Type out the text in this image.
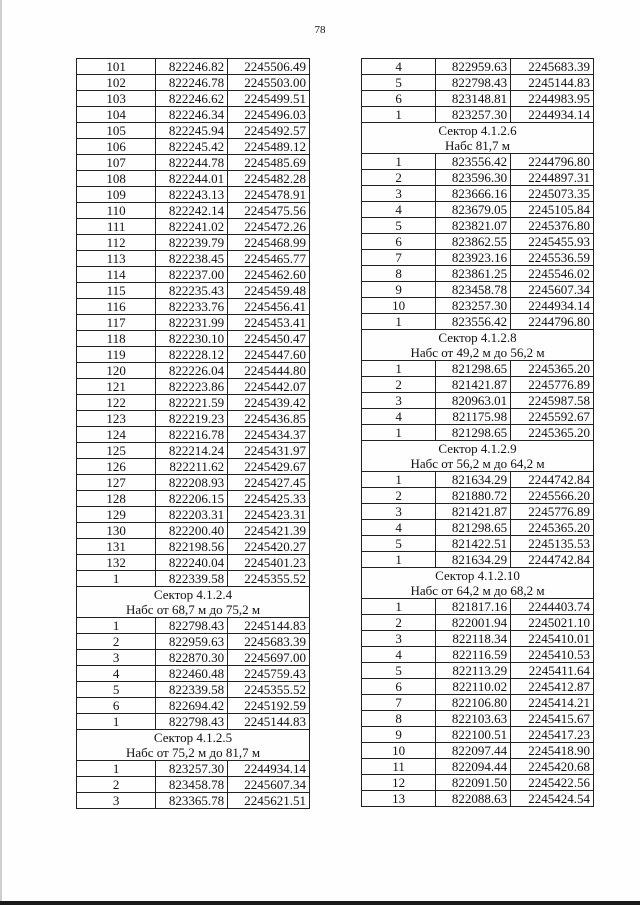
78
101	822246.82	2245506.49
102	822246.78	2245503.00
103	822246.62	2245499.51
104	822246.34	2245496.03
105	822245.94	2245492.57
106	822245.42	2245489.12
107	822244.78	2245485.69
108	822244.01	2245482.28
109	822243.13	2245478.91
110	822242.14	2245475.56
111	822241.02	2245472.26
112	822239.79	2245468.99
113	822238.45	2245465.77
114	822237.00	2245462.60
115	822235.43	2245459.48
116	822233.76	2245456.41
117	822231.99	2245453.41
118	822230.10	2245450.47
119	822228.12	2245447.60
120	822226.04	2245444.80
121	822223.86	2245442.07
122	822221.59	2245439.42
123	822219.23	2245436.85
124	822216.78	2245434.37
125	822214.24	2245431.97
126	822211.62	2245429.67
127	822208.93	2245427.45
128	822206.15	2245425.33
129	822203.31	2245423.31
130	822200.40	2245421.39
131	822198.56	2245420.27
132	822240.04	2245401.23
1	822339.58	2245355.52
Сектор 4.1.2.4		
Набс от 68,7 м до 75,2 м		
1	822798.43	2245144.83
2	822959.63	2245683.39
3	822870.30	2245697.00
4	822460.48	2245759.43
5	822339.58	2245355.52
6	822694.42	2245192.59
1	822798.43	2245144.83
Сектор 4.1.2.5		
Набс от 75,2 м до 81,7 м		
1	823257.30	2244934.14
2	823458.78	2245607.34
3	823365.78	2245621.51
4	822959.63	2245683.39
5	822798.43	2245144.83
6	823148.81	2244983.95
1	823257.30	2244934.14
Сектор 4.1.2.6		
Набс 81,7 м		
1	823556.42	2244796.80
2	823596.30	2244897.31
3	823666.16	2245073.35
4	823679.05	2245105.84
5	823821.07	2245376.80
6	823862.55	2245455.93
7	823923.16	2245536.59
8	823861.25	2245546.02
9	823458.78	2245607.34
10	823257.30	2244934.14
1	823556.42	2244796.80
Сектор 4.1.2.8		
Набс от 49,2 м до 56,2 м		
1	821298.65	2245365.20
2	821421.87	2245776.89
3	820963.01	2245987.58
4	821175.98	2245592.67
1	821298.65	2245365.20
Сектор 4.1.2.9		
Набс от 56,2 м до 64,2 м		
1	821634.29	2244742.84
2	821880.72	2245566.20
3	821421.87	2245776.89
4	821298.65	2245365.20
5	821422.51	2245135.53
1	821634.29	2244742.84
Сектор 4.1.2.10		
Набс от 64,2 м до 68,2 м		
1	821817.16	2244403.74
2	822001.94	2245021.10
3	822118.34	2245410.01
4	822116.59	2245410.53
5	822113.29	2245411.64
6	822110.02	2245412.87
7	822106.80	2245414.21
8	822103.63	2245415.67
9	822100.51	2245417.23
10	822097.44	2245418.90
11	822094.44	2245420.68
12	822091.50	2245422.56
13	822088.63	2245424.54
